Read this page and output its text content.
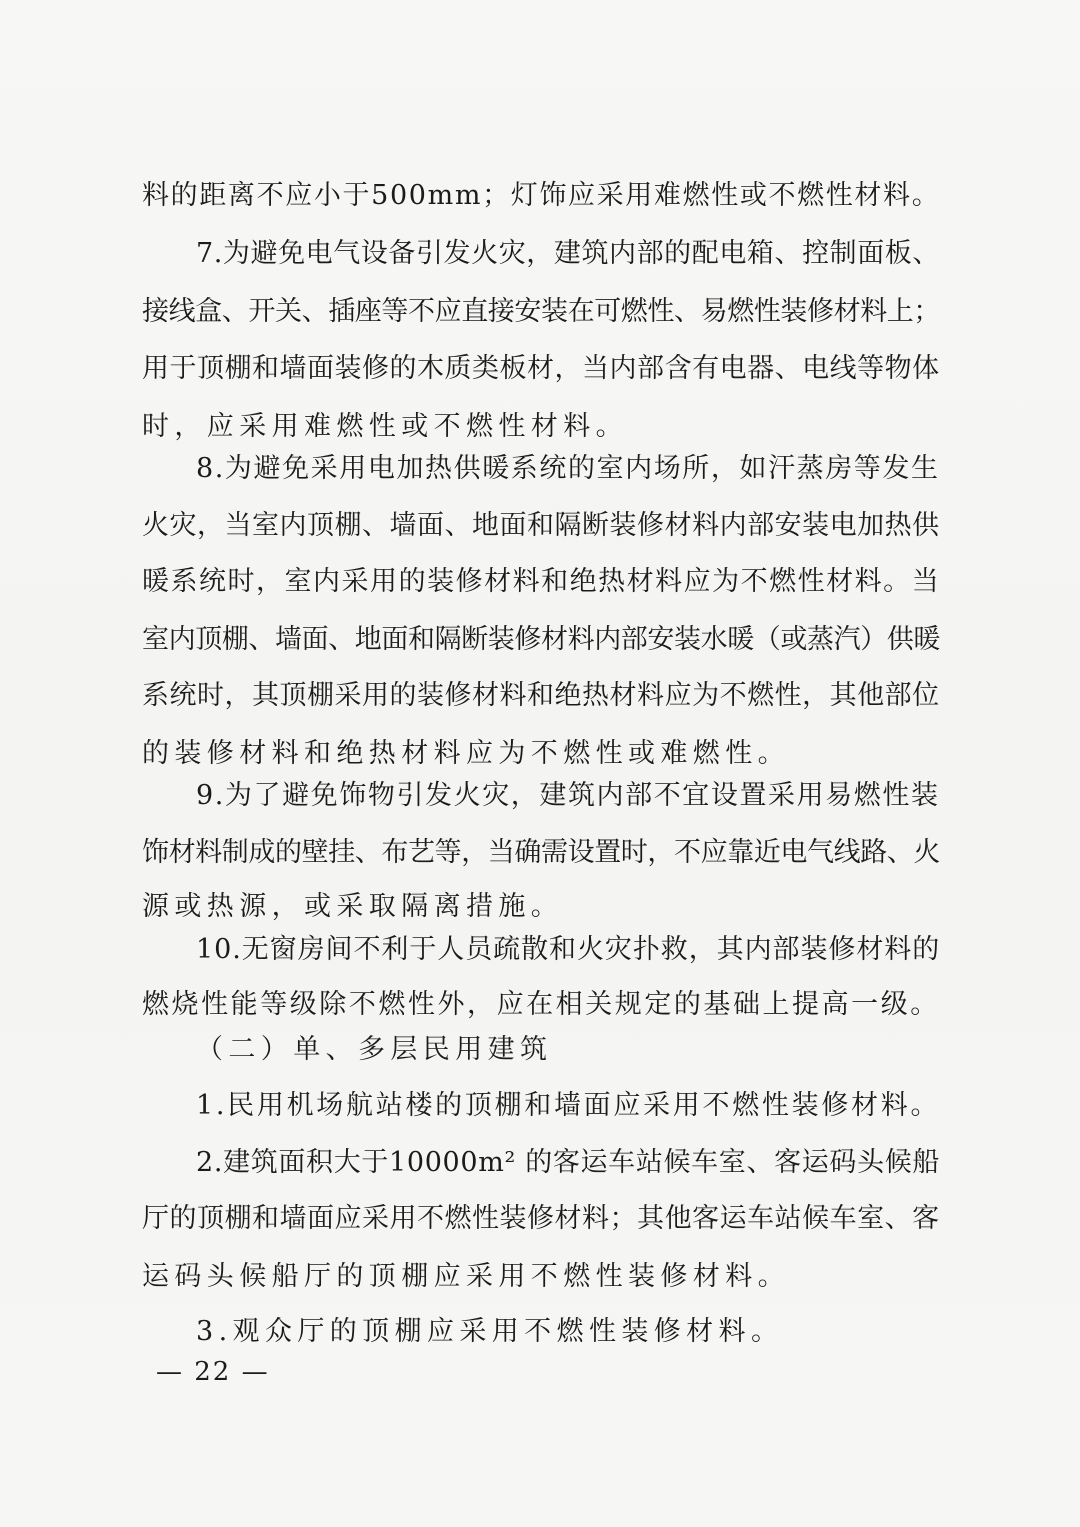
料的距离不应小于500mm；灯饰应采用难燃性或不燃性材料。
7.为避免电气设备引发火灾，建筑内部的配电箱、控制面板、
接线盒、开关、插座等不应直接安装在可燃性、易燃性装修材料上；
用于顶棚和墙面装修的木质类板材，当内部含有电器、电线等物体
时，应采用难燃性或不燃性材料。
8.为避免采用电加热供暖系统的室内场所，如汗蒸房等发生
火灾，当室内顶棚、墙面、地面和隔断装修材料内部安装电加热供
暖系统时，室内采用的装修材料和绝热材料应为不燃性材料。当
室内顶棚、墙面、地面和隔断装修材料内部安装水暖（或蒸汽）供暖
系统时，其顶棚采用的装修材料和绝热材料应为不燃性，其他部位
的装修材料和绝热材料应为不燃性或难燃性。
9.为了避免饰物引发火灾，建筑内部不宜设置采用易燃性装
饰材料制成的壁挂、布艺等，当确需设置时，不应靠近电气线路、火
源或热源，或采取隔离措施。
10.无窗房间不利于人员疏散和火灾扑救，其内部装修材料的
燃烧性能等级除不燃性外，应在相关规定的基础上提高一级。
（二）单、多层民用建筑
1.民用机场航站楼的顶棚和墙面应采用不燃性装修材料。
2.建筑面积大于10000m² 的客运车站候车室、客运码头候船
厅的顶棚和墙面应采用不燃性装修材料；其他客运车站候车室、客
运码头候船厅的顶棚应采用不燃性装修材料。
3.观众厅的顶棚应采用不燃性装修材料。
— 22 —
